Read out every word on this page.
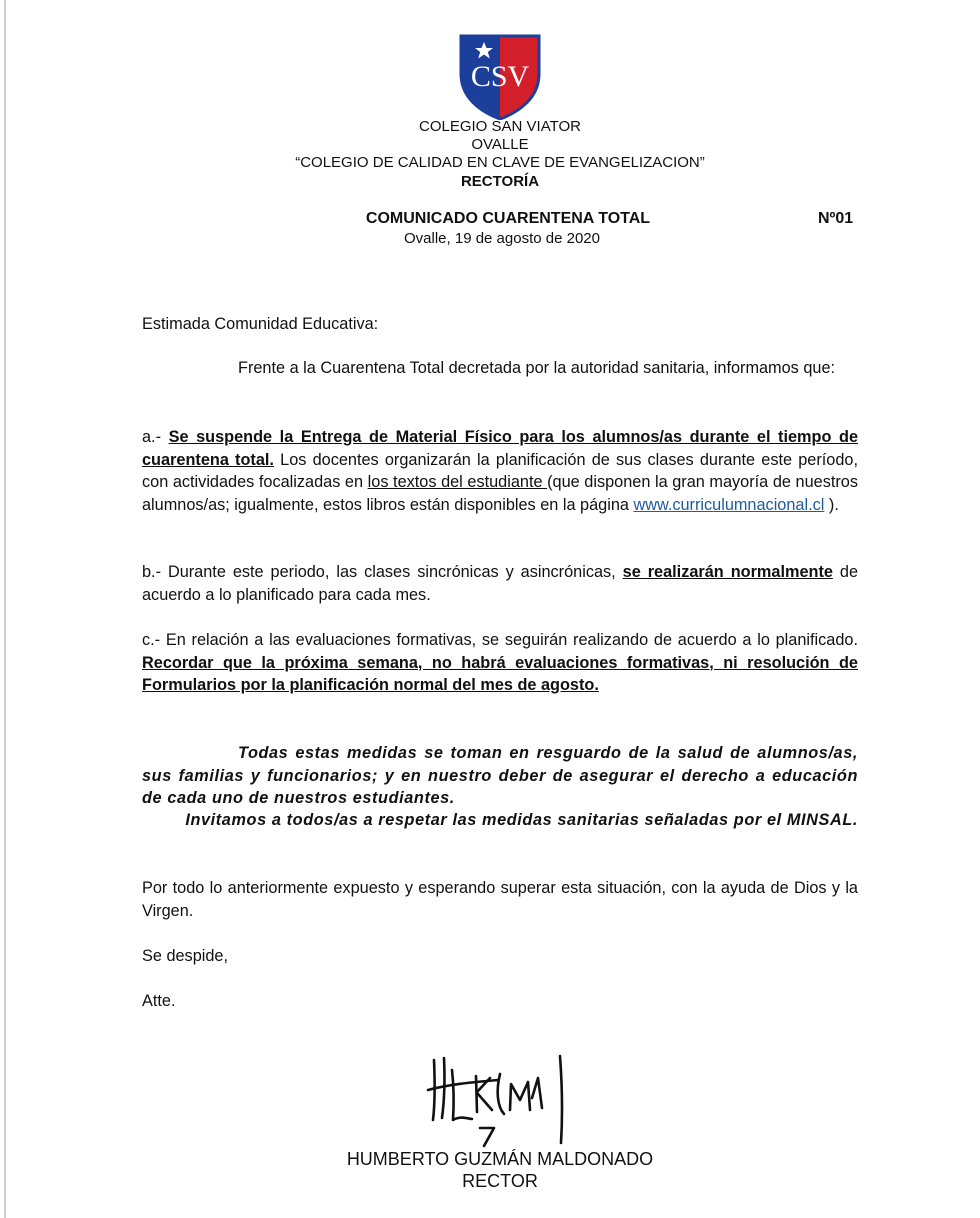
CSV
COLEGIO SAN VIATOR
OVALLE
“COLEGIO DE CALIDAD EN CLAVE DE EVANGELIZACION”
RECTORÍA
COMUNICADO CUARENTENA TOTAL	Nº01
Ovalle, 19 de agosto de 2020

Estimada Comunidad Educativa:

Frente a la Cuarentena Total decretada por la autoridad sanitaria, informamos que:

a.- Se suspende la Entrega de Material Físico para los alumnos/as durante el tiempo de cuarentena total. Los docentes organizarán la planificación de sus clases durante este período, con actividades focalizadas en los textos del estudiante (que disponen la gran mayoría de nuestros alumnos/as; igualmente, estos libros están disponibles en la página www.curriculumnacional.cl ).

b.- Durante este periodo, las clases sincrónicas y asincrónicas, se realizarán normalmente de acuerdo a lo planificado para cada mes.

c.- En relación a las evaluaciones formativas, se seguirán realizando de acuerdo a lo planificado. Recordar que la próxima semana, no habrá evaluaciones formativas, ni resolución de Formularios por la planificación normal del mes de agosto.

Todas estas medidas se toman en resguardo de la salud de alumnos/as, sus familias y funcionarios; y en nuestro deber de asegurar el derecho a educación de cada uno de nuestros estudiantes.

Invitamos a todos/as a respetar las medidas sanitarias señaladas por el MINSAL.

Por todo lo anteriormente expuesto y esperando superar esta situación, con la ayuda de Dios y la Virgen.

Se despide,

Atte.

HUMBERTO GUZMÁN MALDONADO
RECTOR
